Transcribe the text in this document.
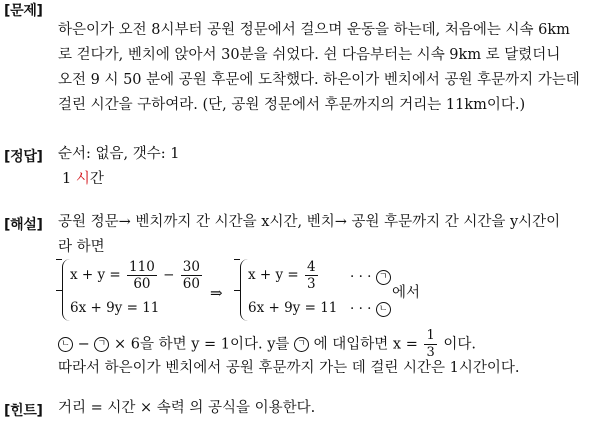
[문제]
하은이가 오전 8시부터 공원 정문에서 걸으며 운동을 하는데, 처음에는 시속 6km
로 걷다가, 벤치에 앉아서 30분을 쉬었다. 쉰 다음부터는 시속 9km 로 달렸더니
오전 9 시 50 분에 공원 후문에 도착했다. 하은이가 벤치에서 공원 후문까지 가는데
걸린 시간을 구하여라. (단, 공원 정문에서 후문까지의 거리는 11km이다.)
[정답] 순서: 없음, 갯수: 1
1 시간
[해설] 공원 정문→ 벤치까지 간 시간을 x시간, 벤치→ 공원 후문까지 간 시간을 y시간이
라 하면
$x + y = \frac{110}{60} - \frac{30}{60}$
6x + 9y = 11
⇒
$x + y = \frac{4}{3}$ · · · ㄱ
6x + 9y = 11 · · · ㄴ
에서
ㄴ − ㄱ × 6을 하면 y = 1이다. y를 ㄱ 에 대입하면 $x = \frac{1}{3}$ 이다.
따라서 하은이가 벤치에서 공원 후문까지 가는 데 걸린 시간은 1시간이다.
[힌트] 거리 = 시간 × 속력 의 공식을 이용한다.
